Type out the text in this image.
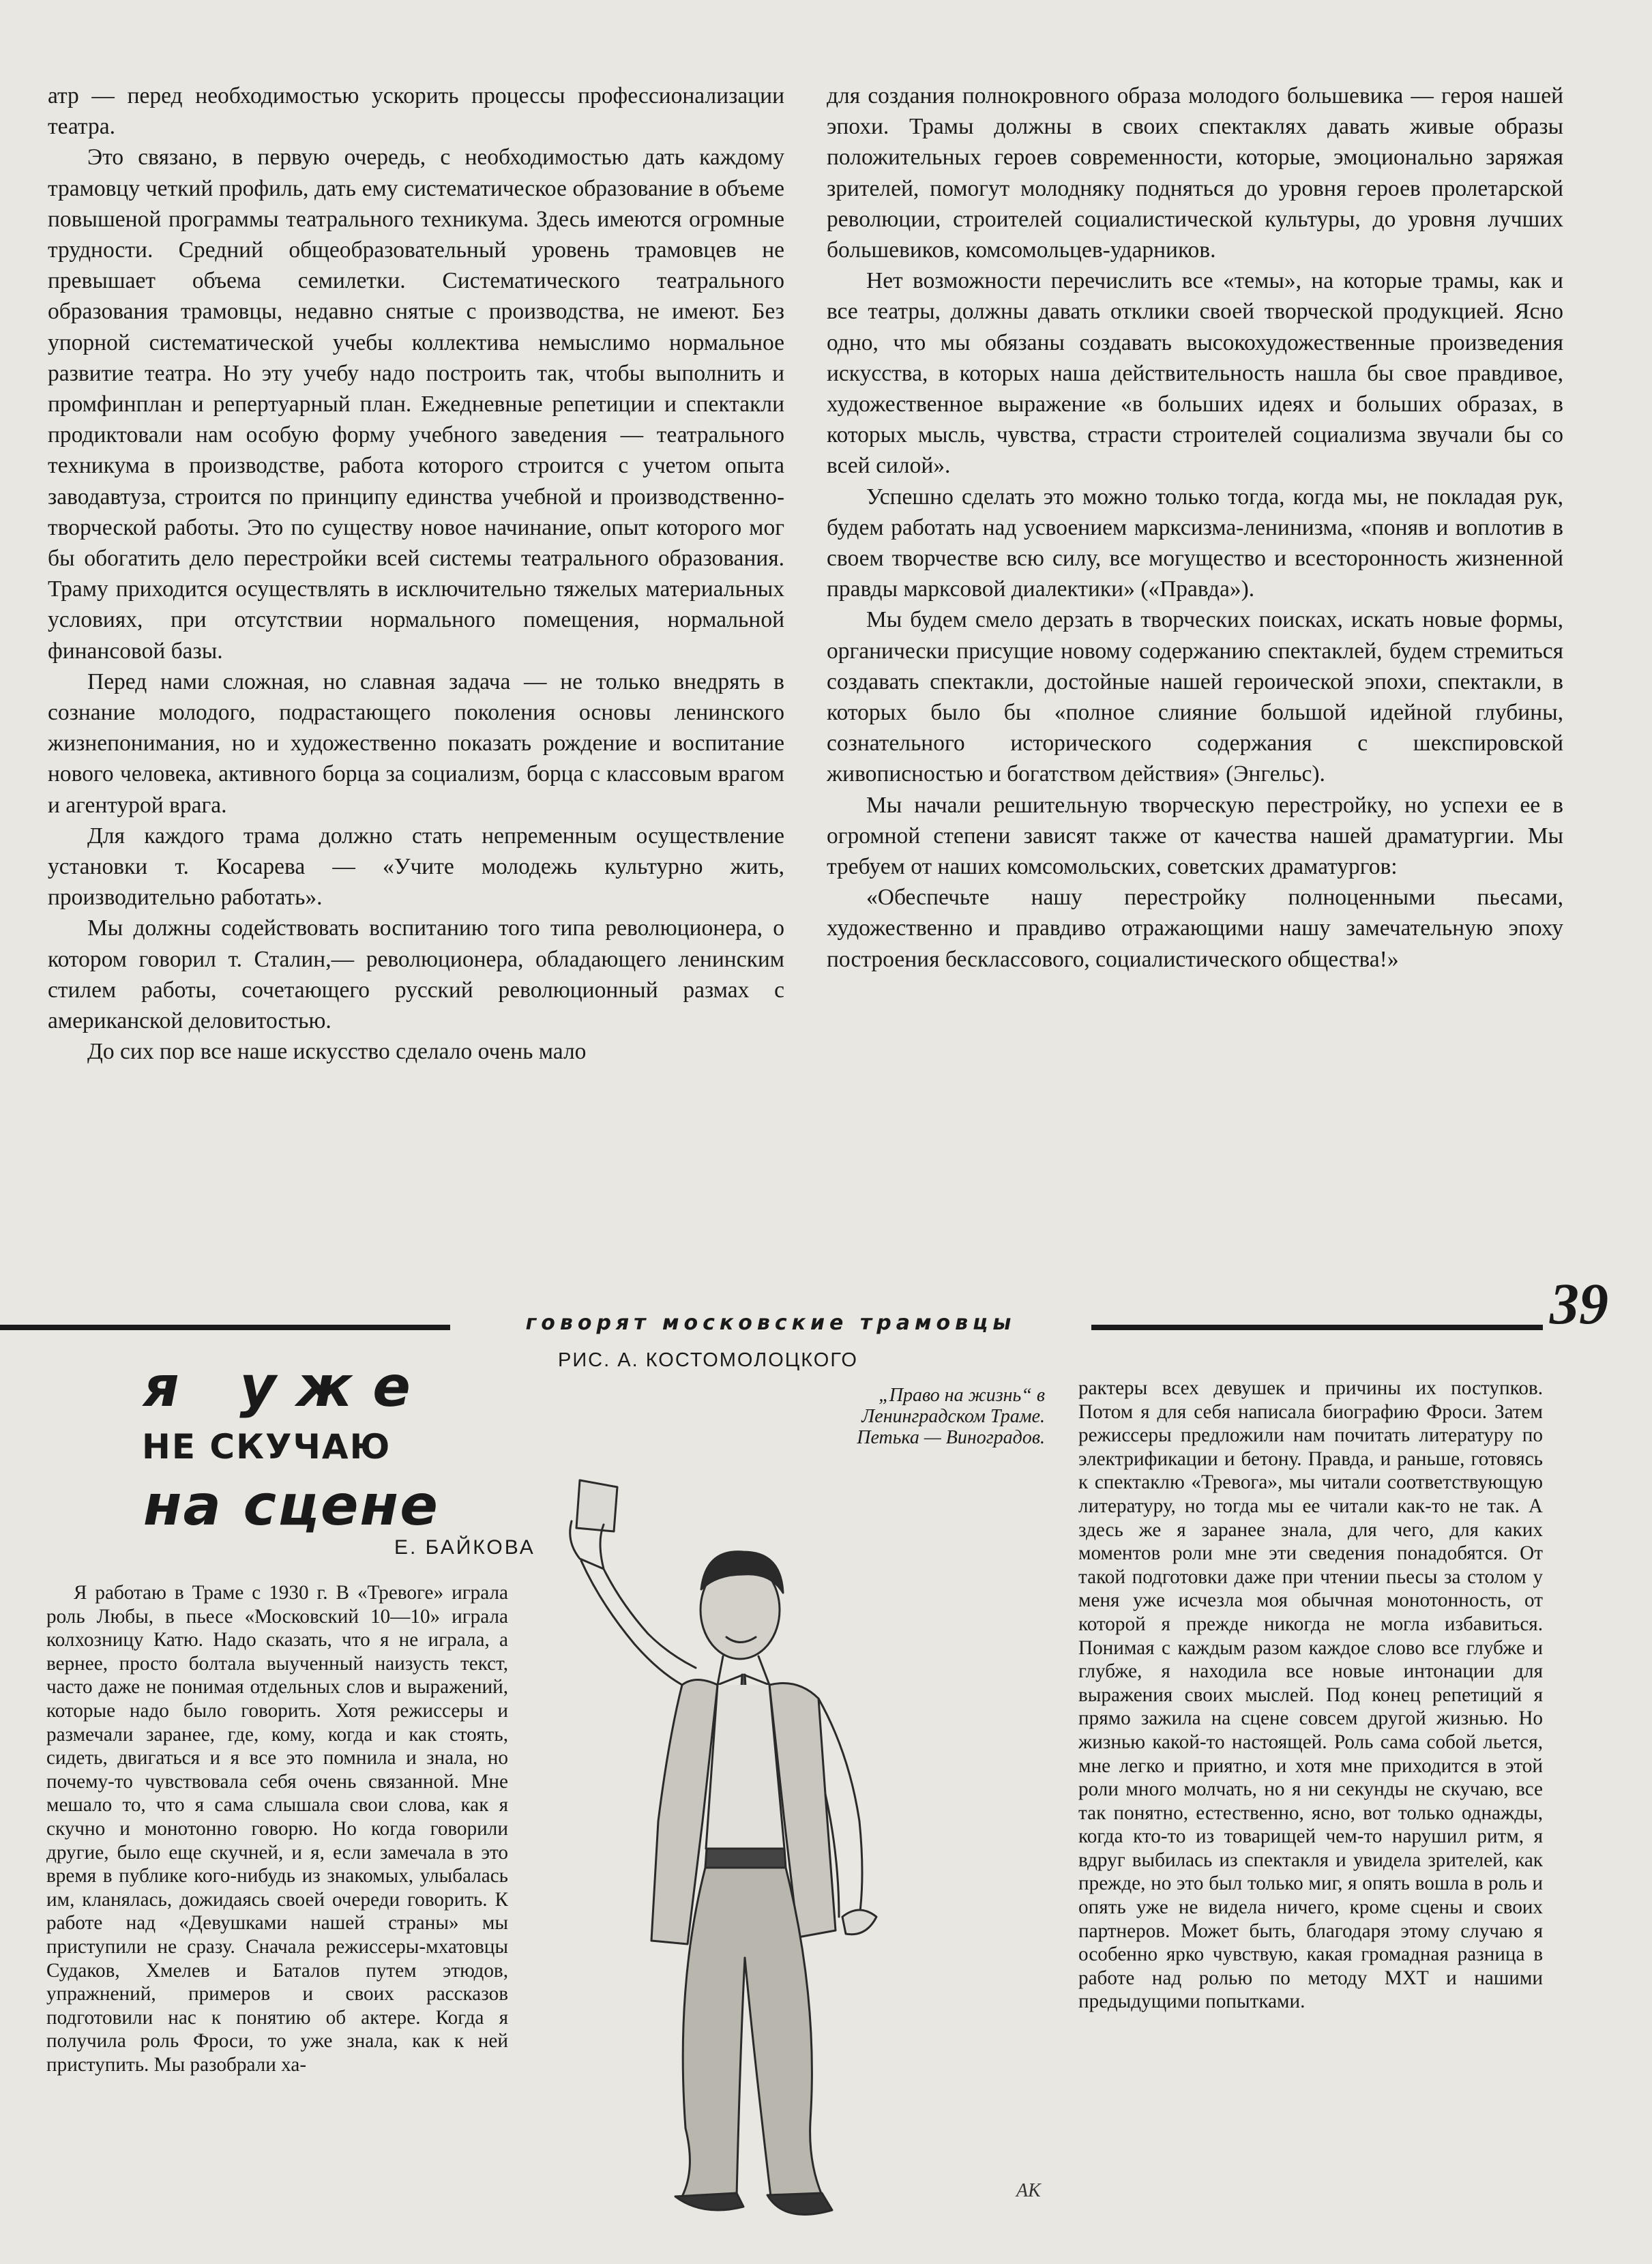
атр — перед необходимостью ускорить процессы профессионализации театра.

Это связано, в первую очередь, с необходимостью дать каждому трамовцу четкий профиль, дать ему систематическое образование в объеме повышеной программы театрального техникума. Здесь имеются огромные трудности. Средний общеобразовательный уровень трамовцев не превышает объема семилетки. Систематического театрального образования трамовцы, недавно снятые с производства, не имеют. Без упорной систематической учебы коллектива немыслимо нормальное развитие театра. Но эту учебу надо построить так, чтобы выполнить и промфинплан и репертуарный план. Ежедневные репетиции и спектакли продиктовали нам особую форму учебного заведения — театрального техникума в производстве, работа которого строится с учетом опыта заводавтуза, строится по принципу единства учебной и производственно-творческой работы. Это по существу новое начинание, опыт которого мог бы обогатить дело перестройки всей системы театрального образования. Траму приходится осуществлять в исключительно тяжелых материальных условиях, при отсутствии нормального помещения, нормальной финансовой базы.

Перед нами сложная, но славная задача — не только внедрять в сознание молодого, подрастающего поколения основы ленинского жизнепонимания, но и художественно показать рождение и воспитание нового человека, активного борца за социализм, борца с классовым врагом и агентурой врага.

Для каждого трама должно стать непременным осуществление установки т. Косарева — «Учите молодежь культурно жить, производительно работать».

Мы должны содействовать воспитанию того типа революционера, о котором говорил т. Сталин,— революционера, обладающего ленинским стилем работы, сочетающего русский революционный размах с американской деловитостью.

До сих пор все наше искусство сделало очень мало

для создания полнокровного образа молодого большевика — героя нашей эпохи. Трамы должны в своих спектаклях давать живые образы положительных героев современности, которые, эмоционально заряжая зрителей, помогут молодняку подняться до уровня героев пролетарской революции, строителей социалистической культуры, до уровня лучших большевиков, комсомольцев-ударников.

Нет возможности перечислить все «темы», на которые трамы, как и все театры, должны давать отклики своей творческой продукцией. Ясно одно, что мы обязаны создавать высокохудожественные произведения искусства, в которых наша действительность нашла бы свое правдивое, художественное выражение «в больших идеях и больших образах, в которых мысль, чувства, страсти строителей социализма звучали бы со всей силой».

Успешно сделать это можно только тогда, когда мы, не покладая рук, будем работать над усвоением марксизма-ленинизма, «поняв и воплотив в своем творчестве всю силу, все могущество и всесторонность жизненной правды марксовой диалектики» («Правда»).

Мы будем смело дерзать в творческих поисках, искать новые формы, органически присущие новому содержанию спектаклей, будем стремиться создавать спектакли, достойные нашей героической эпохи, спектакли, в которых было бы «полное слияние большой идейной глубины, сознательного исторического содержания с шекспировской живописностью и богатством действия» (Энгельс).

Мы начали решительную творческую перестройку, но успехи ее в огромной степени зависят также от качества нашей драматургии. Мы требуем от наших комсомольских, советских драматургов:

«Обеспечьте нашу перестройку полноценными пьесами, художественно и правдиво отражающими нашу замечательную эпоху построения бесклассового, социалистического общества!»

говорят московские трамовцы	39
РИС. А. КОСТОМОЛОЦКОГО
я уже
НЕ СКУЧАЮ
на сцене
Е. БАЙКОВА

Я работаю в Траме с 1930 г. В «Тревоге» играла роль Любы, в пьесе «Московский 10—10» играла колхозницу Катю. Надо сказать, что я не играла, а вернее, просто болтала выученный наизусть текст, часто даже не понимая отдельных слов и выражений, которые надо было говорить. Хотя режиссеры и размечали заранее, где, кому, когда и как стоять, сидеть, двигаться и я все это помнила и знала, но почему-то чувствовала себя очень связанной. Мне мешало то, что я сама слышала свои слова, как я скучно и монотонно говорю. Но когда говорили другие, было еще скучней, и я, если замечала в это время в публике кого-нибудь из знакомых, улыбалась им, кланялась, дожидаясь своей очереди говорить. К работе над «Девушками нашей страны» мы приступили не сразу. Сначала режиссеры-мхатовцы Судаков, Хмелев и Баталов путем этюдов, упражнений, примеров и своих рассказов подготовили нас к понятию об актере. Когда я получила роль Фроси, то уже знала, как к ней приступить. Мы разобрали ха-

„Право на жизнь“ в
Ленинградском Траме.
Петька — Виноградов.
АК

рактеры всех девушек и причины их поступков. Потом я для себя написала биографию Фроси. Затем режиссеры предложили нам почитать литературу по электрификации и бетону. Правда, и раньше, готовясь к спектаклю «Тревога», мы читали соответствующую литературу, но тогда мы ее читали как-то не так. А здесь же я заранее знала, для чего, для каких моментов роли мне эти сведения понадобятся. От такой подготовки даже при чтении пьесы за столом у меня уже исчезла моя обычная монотонность, от которой я прежде никогда не могла избавиться. Понимая с каждым разом каждое слово все глубже и глубже, я находила все новые интонации для выражения своих мыслей. Под конец репетиций я прямо зажила на сцене совсем другой жизнью. Но жизнью какой-то настоящей. Роль сама собой льется, мне легко и приятно, и хотя мне приходится в этой роли много молчать, но я ни секунды не скучаю, все так понятно, естественно, ясно, вот только однажды, когда кто-то из товарищей чем-то нарушил ритм, я вдруг выбилась из спектакля и увидела зрителей, как прежде, но это был только миг, я опять вошла в роль и опять уже не видела ничего, кроме сцены и своих партнеров. Может быть, благодаря этому случаю я особенно ярко чувствую, какая громадная разница в работе над ролью по методу МХТ и нашими предыдущими попытками.
